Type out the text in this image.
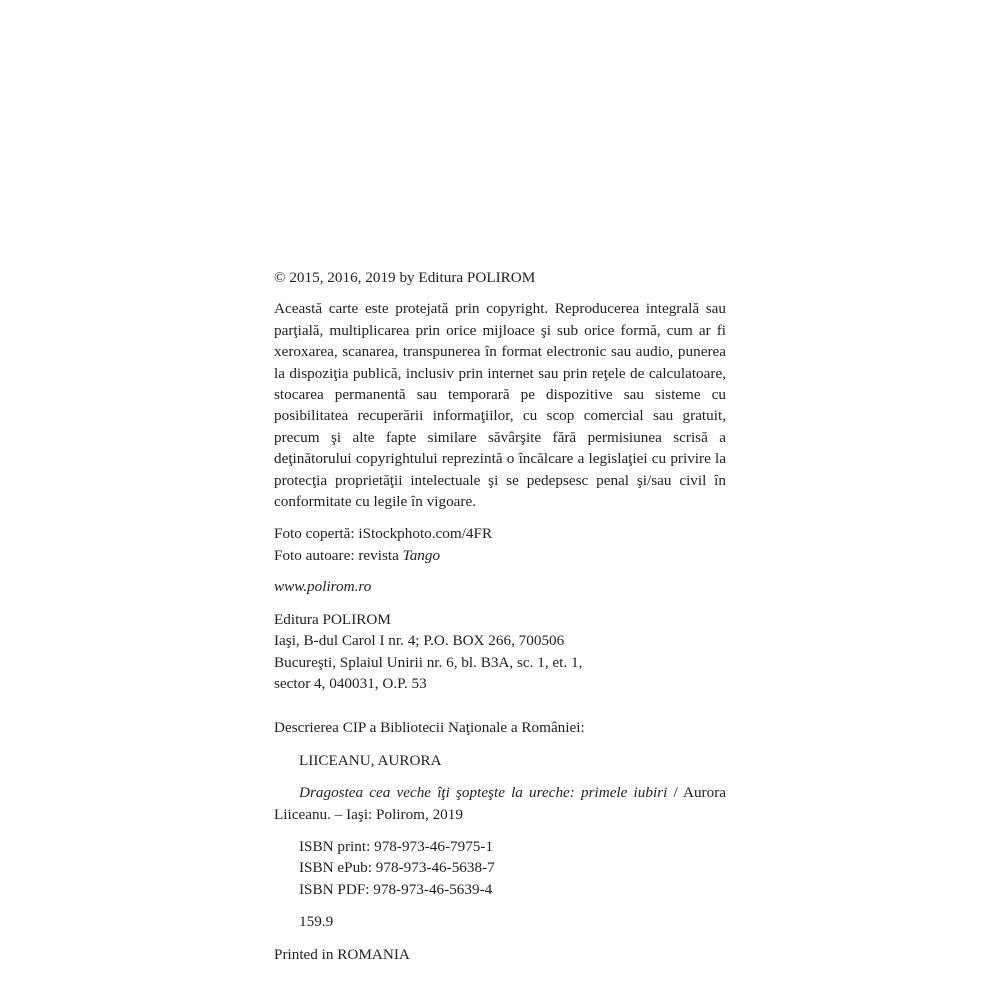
© 2015, 2016, 2019 by Editura POLIROM

Această carte este protejată prin copyright. Reproducerea integrală sau parţială, multiplicarea prin orice mijloace şi sub orice formă, cum ar fi xeroxarea, scanarea, transpunerea în format electronic sau audio, punerea la dispoziţia publică, inclusiv prin internet sau prin reţele de calculatoare, stocarea permanentă sau temporară pe dispozitive sau sisteme cu posibilitatea recuperării informaţiilor, cu scop comercial sau gratuit, precum şi alte fapte similare săvârşite fără permisiunea scrisă a deţinătorului copyrightului reprezintă o încălcare a legislaţiei cu privire la protecţia proprietăţii intelectuale şi se pedepsesc penal şi/sau civil în conformitate cu legile în vigoare.

Foto copertă: iStockphoto.com/4FR

Foto autoare: revista Tango

www.polirom.ro

Editura POLIROM

Iaşi, B-dul Carol I nr. 4; P.O. BOX 266, 700506

Bucureşti, Splaiul Unirii nr. 6, bl. B3A, sc. 1, et. 1,

sector 4, 040031, O.P. 53

Descrierea CIP a Bibliotecii Naţionale a României:

LIICEANU, AURORA

Dragostea cea veche îţi şopteşte la ureche: primele iubiri / Aurora Liiceanu. – Iaşi: Polirom, 2019

ISBN print: 978-973-46-7975-1

ISBN ePub: 978-973-46-5638-7

ISBN PDF: 978-973-46-5639-4

159.9

Printed in ROMANIA
